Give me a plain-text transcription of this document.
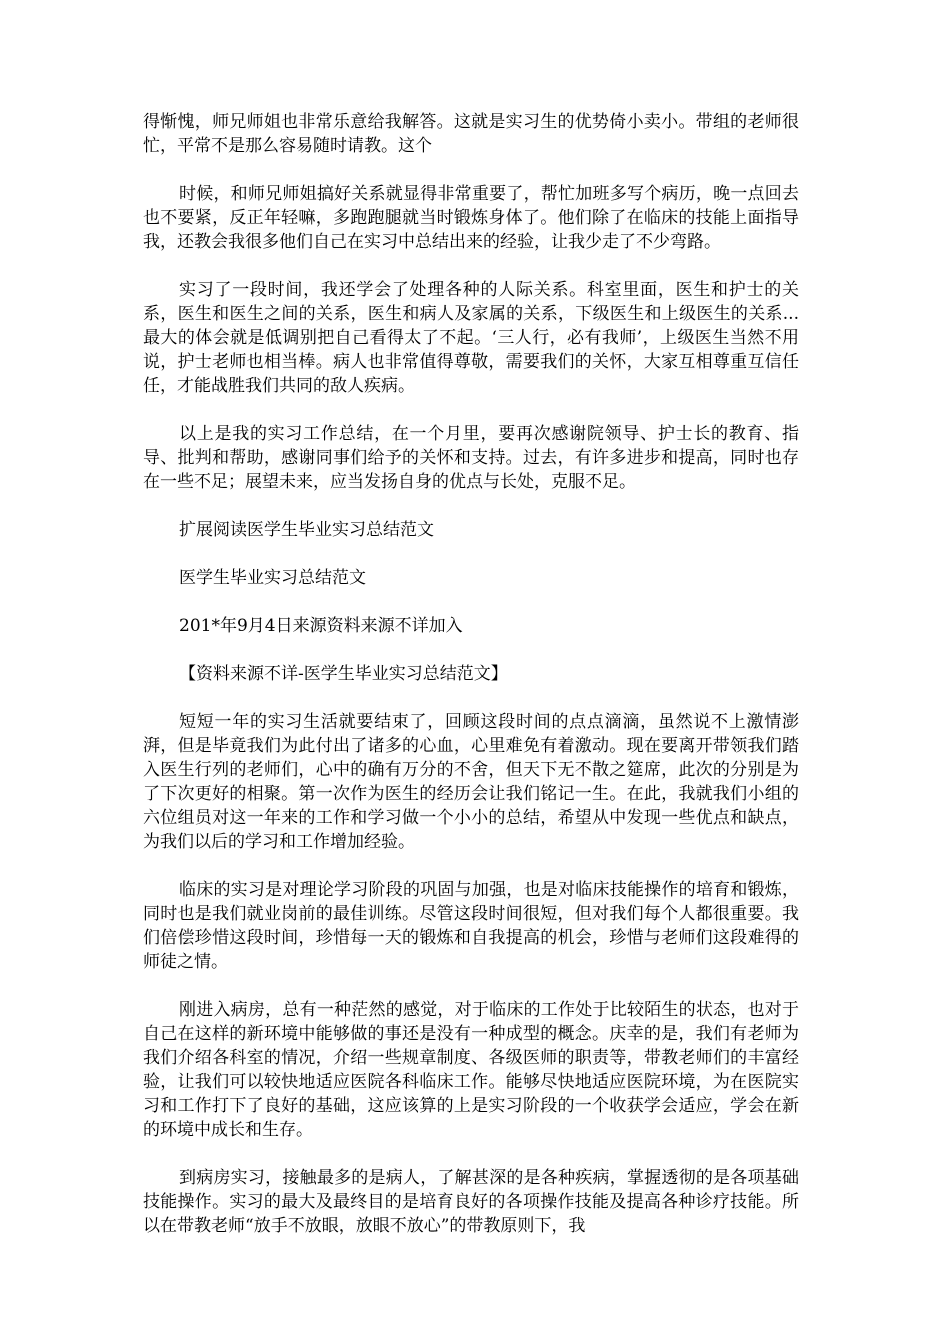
得惭愧，师兄师姐也非常乐意给我解答。这就是实习生的优势倚小卖小。带组的老师很忙，平常不是那么容易随时请教。这个

时候，和师兄师姐搞好关系就显得非常重要了，帮忙加班多写个病历，晚一点回去也不要紧，反正年轻嘛，多跑跑腿就当时锻炼身体了。他们除了在临床的技能上面指导我，还教会我很多他们自己在实习中总结出来的经验，让我少走了不少弯路。

实习了一段时间，我还学会了处理各种的人际关系。科室里面，医生和护士的关系，医生和医生之间的关系，医生和病人及家属的关系，下级医生和上级医生的关系...最大的体会就是低调别把自己看得太了不起。‘三人行，必有我师’，上级医生当然不用说，护士老师也相当棒。病人也非常值得尊敬，需要我们的关怀，大家互相尊重互信任任，才能战胜我们共同的敌人疾病。

以上是我的实习工作总结，在一个月里，要再次感谢院领导、护士长的教育、指导、批判和帮助，感谢同事们给予的关怀和支持。过去，有许多进步和提高，同时也存在一些不足；展望未来，应当发扬自身的优点与长处，克服不足。

扩展阅读医学生毕业实习总结范文

医学生毕业实习总结范文

201*年9月4日来源资料来源不详加入

【资料来源不详-医学生毕业实习总结范文】

短短一年的实习生活就要结束了，回顾这段时间的点点滴滴，虽然说不上激情澎湃，但是毕竟我们为此付出了诸多的心血，心里难免有着激动。现在要离开带领我们踏入医生行列的老师们，心中的确有万分的不舍，但天下无不散之筵席，此次的分别是为了下次更好的相聚。第一次作为医生的经历会让我们铭记一生。在此，我就我们小组的六位组员对这一年来的工作和学习做一个小小的总结，希望从中发现一些优点和缺点，为我们以后的学习和工作增加经验。

临床的实习是对理论学习阶段的巩固与加强，也是对临床技能操作的培育和锻炼，同时也是我们就业岗前的最佳训练。尽管这段时间很短，但对我们每个人都很重要。我们倍偿珍惜这段时间，珍惜每一天的锻炼和自我提高的机会，珍惜与老师们这段难得的师徒之情。

刚进入病房，总有一种茫然的感觉，对于临床的工作处于比较陌生的状态，也对于自己在这样的新环境中能够做的事还是没有一种成型的概念。庆幸的是，我们有老师为我们介绍各科室的情况，介绍一些规章制度、各级医师的职责等，带教老师们的丰富经验，让我们可以较快地适应医院各科临床工作。能够尽快地适应医院环境，为在医院实习和工作打下了良好的基础，这应该算的上是实习阶段的一个收获学会适应，学会在新的环境中成长和生存。

到病房实习，接触最多的是病人，了解甚深的是各种疾病，掌握透彻的是各项基础技能操作。实习的最大及最终目的是培育良好的各项操作技能及提高各种诊疗技能。所以在带教老师“放手不放眼，放眼不放心”的带教原则下，我
